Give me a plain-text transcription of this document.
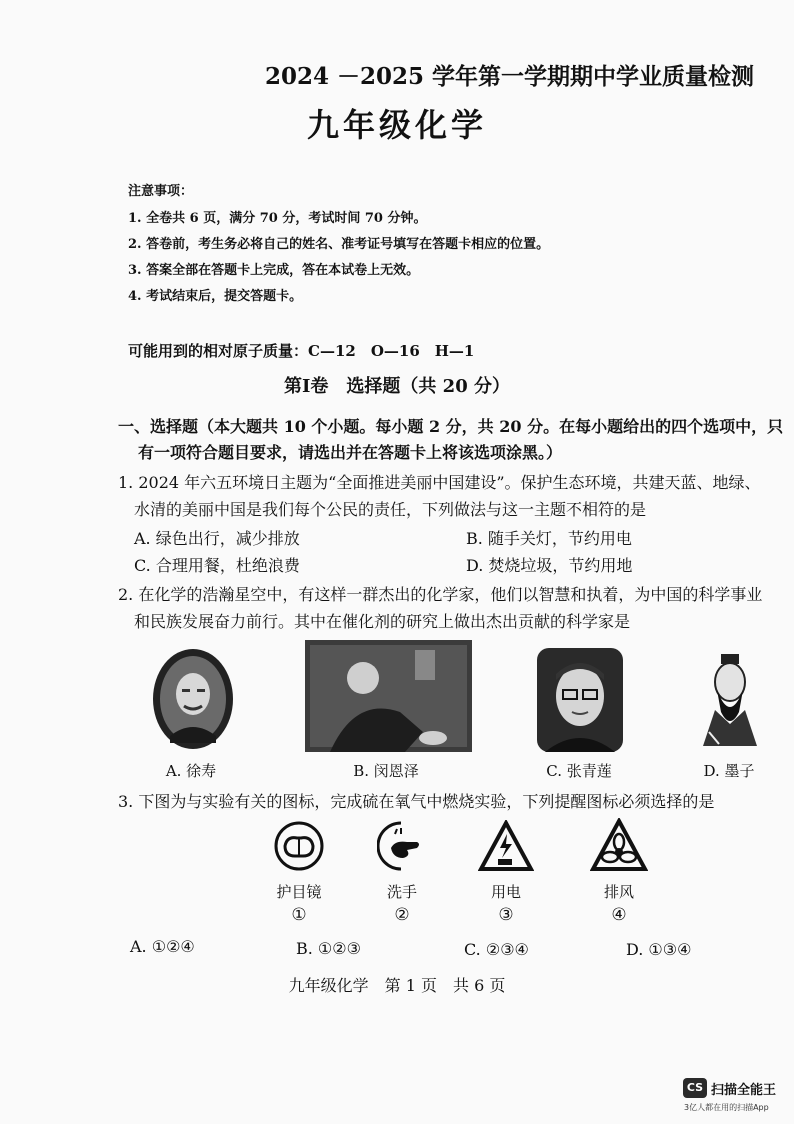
2024 －2025 学年第一学期期中学业质量检测
九年级化学
注意事项：
1. 全卷共 6 页，满分 70 分，考试时间 70 分钟。
2. 答卷前，考生务必将自己的姓名、准考证号填写在答题卡相应的位置。
3. 答案全部在答题卡上完成，答在本试卷上无效。
4. 考试结束后，提交答题卡。
可能用到的相对原子质量：C—12　O—16　H—1
第Ⅰ卷　选择题（共 20 分）
一、选择题（本大题共 10 个小题。每小题 2 分，共 20 分。在每小题给出的四个选项中，只
有一项符合题目要求，请选出并在答题卡上将该选项涂黑。）
1. 2024 年六五环境日主题为“全面推进美丽中国建设”。保护生态环境，共建天蓝、地绿、
水清的美丽中国是我们每个公民的责任，下列做法与这一主题不相符的是
A. 绿色出行，减少排放	B. 随手关灯，节约用电
C. 合理用餐，杜绝浪费	D. 焚烧垃圾，节约用地
2. 在化学的浩瀚星空中，有这样一群杰出的化学家，他们以智慧和执着，为中国的科学事业
和民族发展奋力前行。其中在催化剂的研究上做出杰出贡献的科学家是
A. 徐寿	B. 闵恩泽	C. 张青莲	D. 墨子
3. 下图为与实验有关的图标，完成硫在氧气中燃烧实验，下列提醒图标必须选择的是
护目镜	洗手	用电	排风
①	②	③	④
A. ①②④	B. ①②③	C. ②③④	D. ①③④
九年级化学　第 1 页　共 6 页
CS 扫描全能王
3亿人都在用的扫描App
